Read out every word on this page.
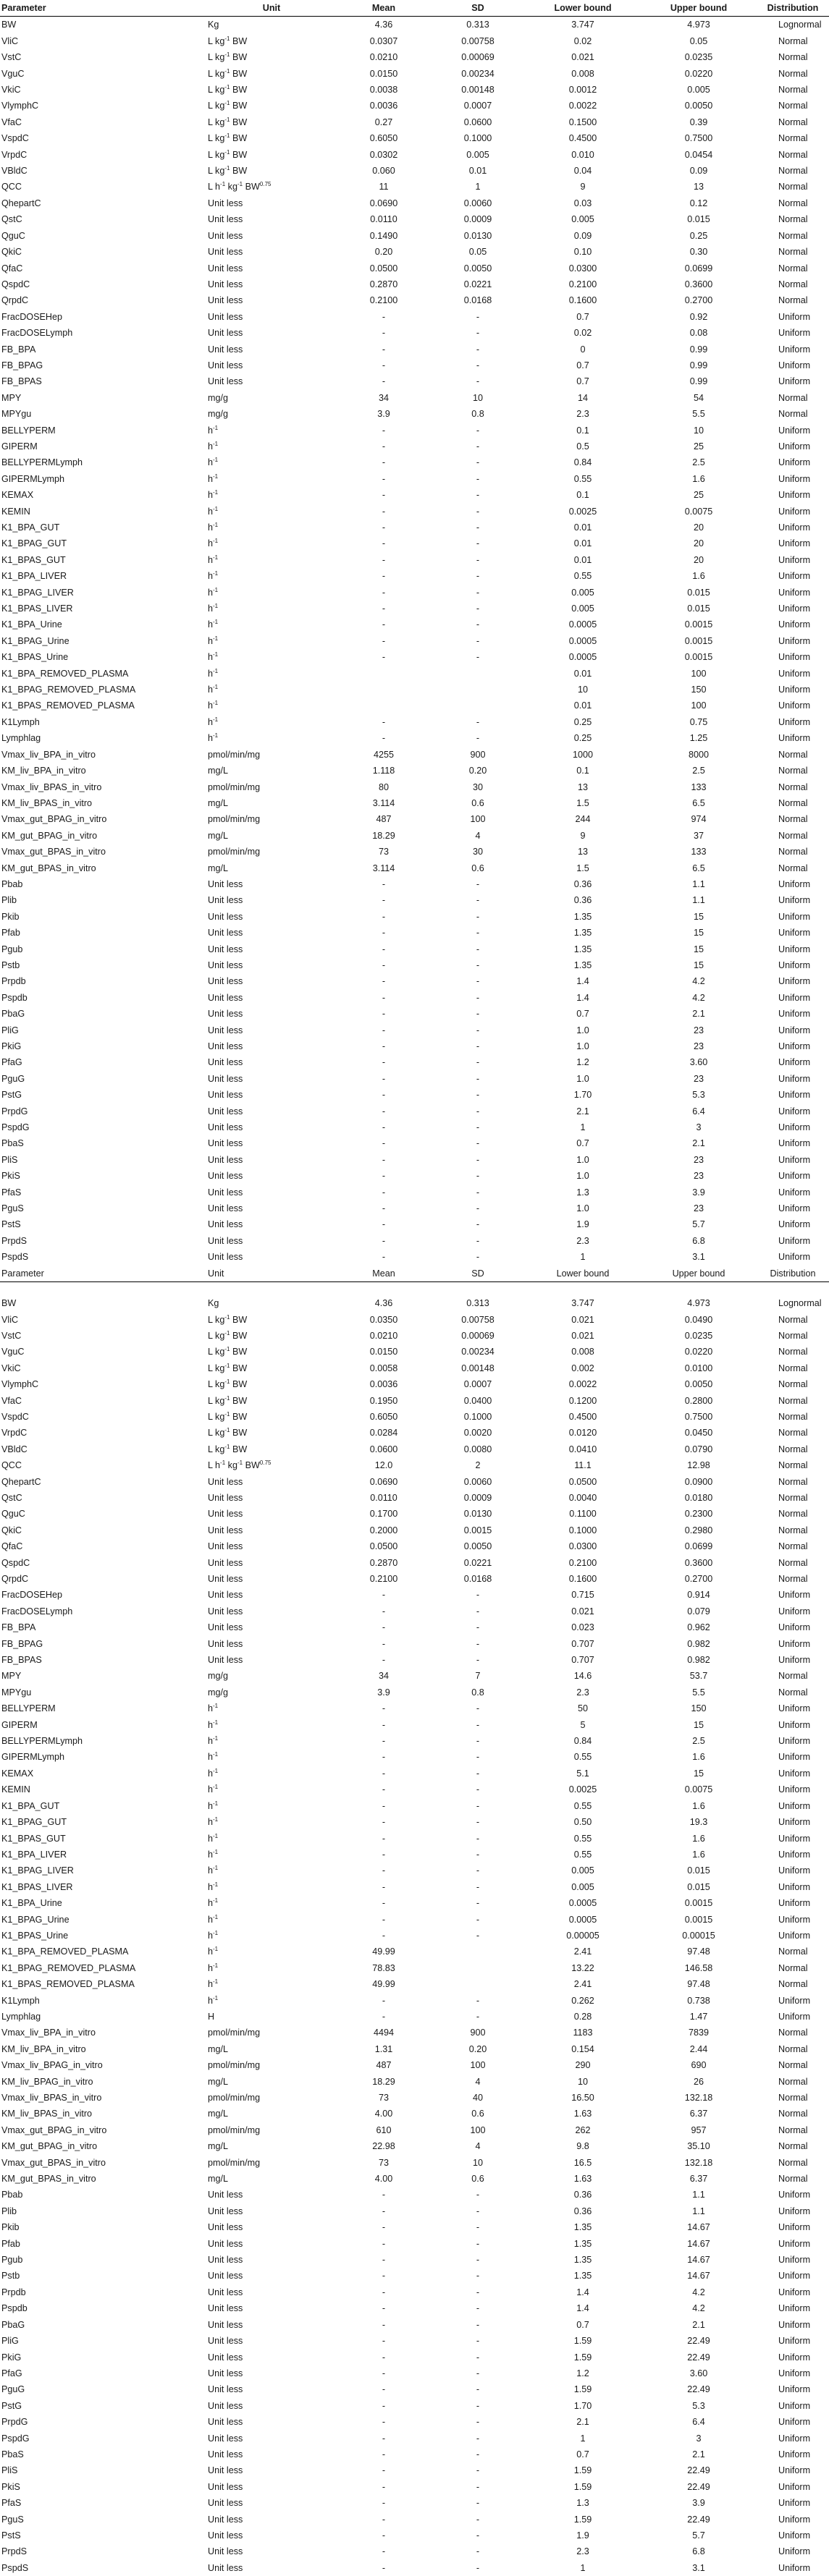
Parameter	Unit	Mean	SD	Lower bound	Upper bound	Distribution
BW	Kg	4.36	0.313	3.747	4.973	Lognormal
VliC	L $kg^{-1}$ BW	0.0307	0.00758	0.02	0.05	Normal
VstC	L $kg^{-1}$ BW	0.0210	0.00069	0.021	0.0235	Normal
VguC	L $kg^{-1}$ BW	0.0150	0.00234	0.008	0.0220	Normal
VkiC	L $kg^{-1}$ BW	0.0038	0.00148	0.0012	0.005	Normal
VlymphC	L $kg^{-1}$ BW	0.0036	0.0007	0.0022	0.0050	Normal
VfaC	L $kg^{-1}$ BW	0.27	0.0600	0.1500	0.39	Normal
VspdC	L $kg^{-1}$ BW	0.6050	0.1000	0.4500	0.7500	Normal
VrpdC	L $kg^{-1}$ BW	0.0302	0.005	0.010	0.0454	Normal
VBldC	L $kg^{-1}$ BW	0.060	0.01	0.04	0.09	Normal
QCC	L $h^{-1}$ $kg^{-1}$ $BW^{0.75}$	11	1	9	13	Normal
QhepartC	Unit less	0.0690	0.0060	0.03	0.12	Normal
QstC	Unit less	0.0110	0.0009	0.005	0.015	Normal
QguC	Unit less	0.1490	0.0130	0.09	0.25	Normal
QkiC	Unit less	0.20	0.05	0.10	0.30	Normal
QfaC	Unit less	0.0500	0.0050	0.0300	0.0699	Normal
QspdC	Unit less	0.2870	0.0221	0.2100	0.3600	Normal
QrpdC	Unit less	0.2100	0.0168	0.1600	0.2700	Normal
FracDOSEHep	Unit less	-	-	0.7	0.92	Uniform
FracDOSELymph	Unit less	-	-	0.02	0.08	Uniform
FB_BPA	Unit less	-	-	0	0.99	Uniform
FB_BPAG	Unit less	-	-	0.7	0.99	Uniform
FB_BPAS	Unit less	-	-	0.7	0.99	Uniform
MPY	mg/g	34	10	14	54	Normal
MPYgu	mg/g	3.9	0.8	2.3	5.5	Normal
BELLYPERM	$h^{-1}$	-	-	0.1	10	Uniform
GIPERM	$h^{-1}$	-	-	0.5	25	Uniform
BELLYPERMLymph	$h^{-1}$	-	-	0.84	2.5	Uniform
GIPERMLymph	$h^{-1}$	-	-	0.55	1.6	Uniform
KEMAX	$h^{-1}$	-	-	0.1	25	Uniform
KEMIN	$h^{-1}$	-	-	0.0025	0.0075	Uniform
K1_BPA_GUT	$h^{-1}$	-	-	0.01	20	Uniform
K1_BPAG_GUT	$h^{-1}$	-	-	0.01	20	Uniform
K1_BPAS_GUT	$h^{-1}$	-	-	0.01	20	Uniform
K1_BPA_LIVER	$h^{-1}$	-	-	0.55	1.6	Uniform
K1_BPAG_LIVER	$h^{-1}$	-	-	0.005	0.015	Uniform
K1_BPAS_LIVER	$h^{-1}$	-	-	0.005	0.015	Uniform
K1_BPA_Urine	$h^{-1}$	-	-	0.0005	0.0015	Uniform
K1_BPAG_Urine	$h^{-1}$	-	-	0.0005	0.0015	Uniform
K1_BPAS_Urine	$h^{-1}$	-	-	0.0005	0.0015	Uniform
K1_BPA_REMOVED_PLASMA	$h^{-1}$			0.01	100	Uniform
K1_BPAG_REMOVED_PLASMA	$h^{-1}$			10	150	Uniform
K1_BPAS_REMOVED_PLASMA	$h^{-1}$			0.01	100	Uniform
K1Lymph	$h^{-1}$	-	-	0.25	0.75	Uniform
Lymphlag	$h^{-1}$	-	-	0.25	1.25	Uniform
Vmax_liv_BPA_in_vitro	pmol/min/mg	4255	900	1000	8000	Normal
KM_liv_BPA_in_vitro	mg/L	1.118	0.20	0.1	2.5	Normal
Vmax_liv_BPAS_in_vitro	pmol/min/mg	80	30	13	133	Normal
KM_liv_BPAS_in_vitro	mg/L	3.114	0.6	1.5	6.5	Normal
Vmax_gut_BPAG_in_vitro	pmol/min/mg	487	100	244	974	Normal
KM_gut_BPAG_in_vitro	mg/L	18.29	4	9	37	Normal
Vmax_gut_BPAS_in_vitro	pmol/min/mg	73	30	13	133	Normal
KM_gut_BPAS_in_vitro	mg/L	3.114	0.6	1.5	6.5	Normal
Pbab	Unit less	-	-	0.36	1.1	Uniform
Plib	Unit less	-	-	0.36	1.1	Uniform
Pkib	Unit less	-	-	1.35	15	Uniform
Pfab	Unit less	-	-	1.35	15	Uniform
Pgub	Unit less	-	-	1.35	15	Uniform
Pstb	Unit less	-	-	1.35	15	Uniform
Prpdb	Unit less	-	-	1.4	4.2	Uniform
Pspdb	Unit less	-	-	1.4	4.2	Uniform
PbaG	Unit less	-	-	0.7	2.1	Uniform
PliG	Unit less	-	-	1.0	23	Uniform
PkiG	Unit less	-	-	1.0	23	Uniform
PfaG	Unit less	-	-	1.2	3.60	Uniform
PguG	Unit less	-	-	1.0	23	Uniform
PstG	Unit less	-	-	1.70	5.3	Uniform
PrpdG	Unit less	-	-	2.1	6.4	Uniform
PspdG	Unit less	-	-	1	3	Uniform
PbaS	Unit less	-	-	0.7	2.1	Uniform
PliS	Unit less	-	-	1.0	23	Uniform
PkiS	Unit less	-	-	1.0	23	Uniform
PfaS	Unit less	-	-	1.3	3.9	Uniform
PguS	Unit less	-	-	1.0	23	Uniform
PstS	Unit less	-	-	1.9	5.7	Uniform
PrpdS	Unit less	-	-	2.3	6.8	Uniform
PspdS	Unit less	-	-	1	3.1	Uniform
Parameter	Unit	Mean	SD	Lower bound	Upper bound	Distribution

BW	Kg	4.36	0.313	3.747	4.973	Lognormal
VliC	L $kg^{-1}$ BW	0.0350	0.00758	0.021	0.0490	Normal
VstC	L $kg^{-1}$ BW	0.0210	0.00069	0.021	0.0235	Normal
VguC	L $kg^{-1}$ BW	0.0150	0.00234	0.008	0.0220	Normal
VkiC	L $kg^{-1}$ BW	0.0058	0.00148	0.002	0.0100	Normal
VlymphC	L $kg^{-1}$ BW	0.0036	0.0007	0.0022	0.0050	Normal
VfaC	L $kg^{-1}$ BW	0.1950	0.0400	0.1200	0.2800	Normal
VspdC	L $kg^{-1}$ BW	0.6050	0.1000	0.4500	0.7500	Normal
VrpdC	L $kg^{-1}$ BW	0.0284	0.0020	0.0120	0.0450	Normal
VBldC	L $kg^{-1}$ BW	0.0600	0.0080	0.0410	0.0790	Normal
QCC	L $h^{-1}$ $kg^{-1}$ $BW^{0.75}$	12.0	2	11.1	12.98	Normal
QhepartC	Unit less	0.0690	0.0060	0.0500	0.0900	Normal
QstC	Unit less	0.0110	0.0009	0.0040	0.0180	Normal
QguC	Unit less	0.1700	0.0130	0.1100	0.2300	Normal
QkiC	Unit less	0.2000	0.0015	0.1000	0.2980	Normal
QfaC	Unit less	0.0500	0.0050	0.0300	0.0699	Normal
QspdC	Unit less	0.2870	0.0221	0.2100	0.3600	Normal
QrpdC	Unit less	0.2100	0.0168	0.1600	0.2700	Normal
FracDOSEHep	Unit less	-	-	0.715	0.914	Uniform
FracDOSELymph	Unit less	-	-	0.021	0.079	Uniform
FB_BPA	Unit less	-	-	0.023	0.962	Uniform
FB_BPAG	Unit less	-	-	0.707	0.982	Uniform
FB_BPAS	Unit less	-	-	0.707	0.982	Uniform
MPY	mg/g	34	7	14.6	53.7	Normal
MPYgu	mg/g	3.9	0.8	2.3	5.5	Normal
BELLYPERM	$h^{-1}$	-	-	50	150	Uniform
GIPERM	$h^{-1}$	-	-	5	15	Uniform
BELLYPERMLymph	$h^{-1}$	-	-	0.84	2.5	Uniform
GIPERMLymph	$h^{-1}$	-	-	0.55	1.6	Uniform
KEMAX	$h^{-1}$	-	-	5.1	15	Uniform
KEMIN	$h^{-1}$	-	-	0.0025	0.0075	Uniform
K1_BPA_GUT	$h^{-1}$	-	-	0.55	1.6	Uniform
K1_BPAG_GUT	$h^{-1}$	-	-	0.50	19.3	Uniform
K1_BPAS_GUT	$h^{-1}$	-	-	0.55	1.6	Uniform
K1_BPA_LIVER	$h^{-1}$	-	-	0.55	1.6	Uniform
K1_BPAG_LIVER	$h^{-1}$	-	-	0.005	0.015	Uniform
K1_BPAS_LIVER	$h^{-1}$	-	-	0.005	0.015	Uniform
K1_BPA_Urine	$h^{-1}$	-	-	0.0005	0.0015	Uniform
K1_BPAG_Urine	$h^{-1}$	-	-	0.0005	0.0015	Uniform
K1_BPAS_Urine	$h^{-1}$	-	-	0.00005	0.00015	Uniform
K1_BPA_REMOVED_PLASMA	$h^{-1}$	49.99		2.41	97.48	Normal
K1_BPAG_REMOVED_PLASMA	$h^{-1}$	78.83		13.22	146.58	Normal
K1_BPAS_REMOVED_PLASMA	$h^{-1}$	49.99		2.41	97.48	Normal
K1Lymph	$h^{-1}$	-	-	0.262	0.738	Uniform
Lymphlag	H	-	-	0.28	1.47	Uniform
Vmax_liv_BPA_in_vitro	pmol/min/mg	4494	900	1183	7839	Normal
KM_liv_BPA_in_vitro	mg/L	1.31	0.20	0.154	2.44	Normal
Vmax_liv_BPAG_in_vitro	pmol/min/mg	487	100	290	690	Normal
KM_liv_BPAG_in_vitro	mg/L	18.29	4	10	26	Normal
Vmax_liv_BPAS_in_vitro	pmol/min/mg	73	40	16.50	132.18	Normal
KM_liv_BPAS_in_vitro	mg/L	4.00	0.6	1.63	6.37	Normal
Vmax_gut_BPAG_in_vitro	pmol/min/mg	610	100	262	957	Normal
KM_gut_BPAG_in_vitro	mg/L	22.98	4	9.8	35.10	Normal
Vmax_gut_BPAS_in_vitro	pmol/min/mg	73	10	16.5	132.18	Normal
KM_gut_BPAS_in_vitro	mg/L	4.00	0.6	1.63	6.37	Normal
Pbab	Unit less	-	-	0.36	1.1	Uniform
Plib	Unit less	-	-	0.36	1.1	Uniform
Pkib	Unit less	-	-	1.35	14.67	Uniform
Pfab	Unit less	-	-	1.35	14.67	Uniform
Pgub	Unit less	-	-	1.35	14.67	Uniform
Pstb	Unit less	-	-	1.35	14.67	Uniform
Prpdb	Unit less	-	-	1.4	4.2	Uniform
Pspdb	Unit less	-	-	1.4	4.2	Uniform
PbaG	Unit less	-	-	0.7	2.1	Uniform
PliG	Unit less	-	-	1.59	22.49	Uniform
PkiG	Unit less	-	-	1.59	22.49	Uniform
PfaG	Unit less	-	-	1.2	3.60	Uniform
PguG	Unit less	-	-	1.59	22.49	Uniform
PstG	Unit less	-	-	1.70	5.3	Uniform
PrpdG	Unit less	-	-	2.1	6.4	Uniform
PspdG	Unit less	-	-	1	3	Uniform
PbaS	Unit less	-	-	0.7	2.1	Uniform
PliS	Unit less	-	-	1.59	22.49	Uniform
PkiS	Unit less	-	-	1.59	22.49	Uniform
PfaS	Unit less	-	-	1.3	3.9	Uniform
PguS	Unit less	-	-	1.59	22.49	Uniform
PstS	Unit less	-	-	1.9	5.7	Uniform
PrpdS	Unit less	-	-	2.3	6.8	Uniform
PspdS	Unit less	-	-	1	3.1	Uniform
